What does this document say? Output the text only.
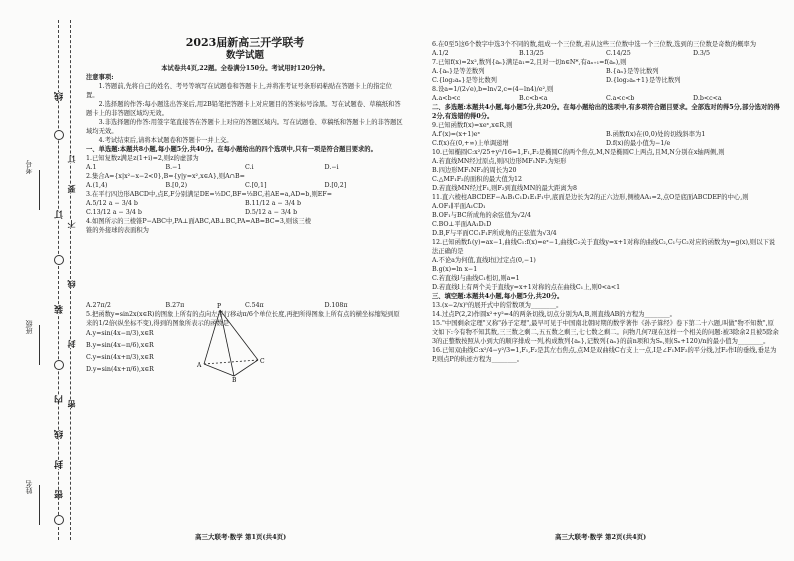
考号
班级
姓名
线
订
装
内
线
封
密
订
要
不
线
封
密

2023届新高三开学联考

数学试题

本试卷共4页,22题。全卷满分150分。考试用时120分钟。

注意事项:

1.答题前,先将自己的姓名、考号等填写在试题卷和答题卡上,并将准考证号条形码粘贴在答题卡上的指定位置。

2.选择题的作答:每小题选出答案后,用2B铅笔把答题卡上对应题目的答案标号涂黑。写在试题卷、草稿纸和答题卡上的非答题区域均无效。

3.非选择题的作答:用签字笔直接答在答题卡上对应的答题区域内。写在试题卷、草稿纸和答题卡上的非答题区域均无效。

4.考试结束后,请将本试题卷和答题卡一并上交。

一、单选题:本题共8小题,每小题5分,共40分。在每小题给出的四个选项中,只有一项是符合题目要求的。

1.已知复数z满足z(1+i)=2,则z的虚部为

A.1	B.−1	C.i	D.−i

2.集合A={x|x²−x−2<0},B={y|y=x²,x∈A},则A∩B=

A.(1,4)	B.[0,2)	C.[0,1]	D.[0,2]

3.在平行四边形ABCD中,点E,F分别满足DE=½DC,BF=⅓BC,若AE=a,AD=b,则EF=

A.5/12 a − 3/4 b	B.11/12 a − 3/4 b
C.13/12 a − 3/4 b	D.5/12 a − 3/4 b

4.如图所示的三棱锥P−ABC中,PA⊥面ABC,AB⊥BC,PA=AB=BC=3,则该三棱锥的外接球的表面积为

A.27π/2	B.27π	C.54π	D.108π

5.把函数y=sin2x(x∈R)的图象上所有的点向左平行移动π/6个单位长度,再把所得图象上所有点的横坐标缩短到原来的1/2倍(纵坐标不变),得到的图象所表示的函数是

A.y=sin(4x−π/3),x∈R
B.y=sin(4x−π/6),x∈R
C.y=sin(4x+π/3),x∈R
D.y=sin(4x+π/6),x∈R
P
A
B
C
高三大联考·数学 第1页(共4页)

6.在0至5这6个数字中选3个不同的数,组成一个三位数,若从这些三位数中选一个三位数,选到的三位数是奇数的概率为

A.1/2	B.13/25	C.14/25	D.3/5

7.已知f(x)=2x²,数列{aₙ}满足a₁=2,且对一切n∈N*,有aₙ₊₁=f(aₙ),则

A.{aₙ}是等差数列	B.{aₙ}是等比数列
C.{log₂aₙ}是等比数列	D.{log₂aₙ+1}是等比数列

8.设a=1/(2√e),b=ln√2,c=(4−ln4)/e²,则

A.a<b<c	B.c<b<a	C.a<c<b	D.b<c<a

二、多选题:本题共4小题,每小题5分,共20分。在每小题给出的选项中,有多项符合题目要求。全部选对的得5分,部分选对的得2分,有选错的得0分。

9.已知函数f(x)=xeˣ,x∈R,则

A.f′(x)=(x+1)eˣ	B.函数f(x)在(0,0)处的切线斜率为1
C.f(x)在(0,+∞)上单调递增	D.f(x)的最小值为−1/e

10.已知椭圆C:x²/25+y²/16=1,F₁,F₂是椭圆C的两个焦点,M,N是椭圆C上两点,且M,N分别在x轴两侧,则

A.若直线MN经过原点,则四边形MF₁NF₂为矩形
B.四边形MF₁NF₂的周长为20
C.△MF₁F₂的面积的最大值为12
D.若直线MN经过F₁,则F₂到直线MN的最大距离为8

11.直六棱柱ABCDEF−A₁B₁C₁D₁E₁F₁中,底面是边长为2的正六边形,侧棱AA₁=2,点O是底面ABCDEF的中心,则

A.OF₁∥平面A₁CD₁
B.OF₁与BC所成角的余弦值为√2/4
C.BO⊥平面AA₁D₁D
D.B,F与平面CC₁F₁F所成角的正弦值为√3/4

12.已知函数f₁(y)=ax−1,曲线C₁:f(x)=eˣ−1,曲线C₂关于直线y=x+1对称的曲线C₂,C₁与C₂对应的函数为y=g(x),则以下说法正确的是

A.不论a为何值,直线l恒过定点(0,−1)
B.g(x)=ln x−1
C.若直线l与曲线C₁相切,则a=1
D.若直线l上有两个关于直线y=x+1对称的点在曲线C₁上,则0<a<1

三、填空题:本题共4小题,每小题5分,共20分。

13.(x−2/x)⁵的展开式中的常数项为________。

14.过点P(2,2)作圆x²+y²=4的两条切线,切点分别为A,B,则直线AB的方程为________。

15."中国剩余定理"又称"孙子定理",最早可见于中国南北朝时期的数学著作《孙子算经》卷下第二十六题,叫做"物不知数",原文如下:今有物不知其数,三三数之剩二,五五数之剩三,七七数之剩二。问物几何?现在这样一个相关的问题:被3除余2且被5除余3的正整数按照从小到大的顺序排成一列,构成数列{aₙ},记数列{aₙ}的前n项和为Sₙ,则(Sₙ+120)/n的最小值为________。

16.已知双曲线C:x²/4−y²/3=1,F₁,F₂是其左右焦点,点M是双曲线C右支上一点,I是∠F₁MF₂的平分线,过F₂作I的垂线,垂足为P,则点P的轨迹方程为________。

高三大联考·数学 第2页(共4页)
